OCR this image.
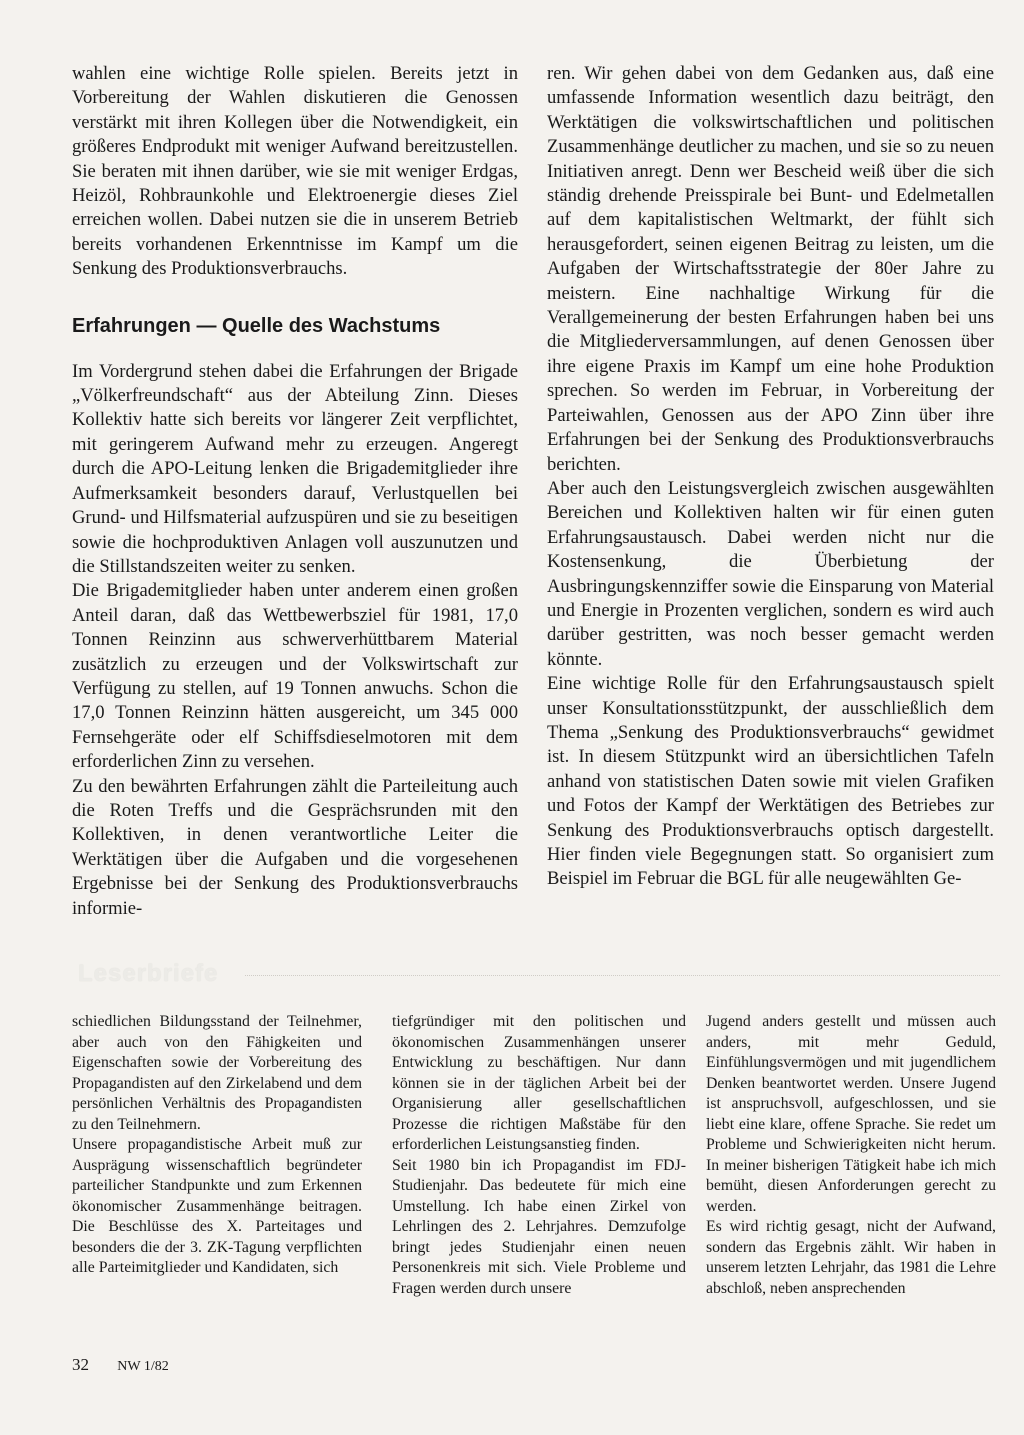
wahlen eine wichtige Rolle spielen. Bereits jetzt in Vorbereitung der Wahlen diskutieren die Genossen verstärkt mit ihren Kollegen über die Notwendigkeit, ein größeres Endprodukt mit weniger Aufwand bereitzustellen. Sie beraten mit ihnen darüber, wie sie mit weniger Erdgas, Heizöl, Rohbraunkohle und Elektroenergie dieses Ziel erreichen wollen. Dabei nutzen sie die in unserem Betrieb bereits vorhandenen Erkenntnisse im Kampf um die Senkung des Produktionsverbrauchs.

Erfahrungen — Quelle des Wachstums

Im Vordergrund stehen dabei die Erfahrungen der Brigade „Völkerfreundschaft“ aus der Abteilung Zinn. Dieses Kollektiv hatte sich bereits vor längerer Zeit verpflichtet, mit geringerem Aufwand mehr zu erzeugen. Angeregt durch die APO-Leitung lenken die Brigademitglieder ihre Aufmerksamkeit besonders darauf, Verlustquellen bei Grund- und Hilfsmaterial aufzuspüren und sie zu beseitigen sowie die hochproduktiven Anlagen voll auszunutzen und die Stillstandszeiten weiter zu senken.

Die Brigademitglieder haben unter anderem einen großen Anteil daran, daß das Wettbewerbsziel für 1981, 17,0 Tonnen Reinzinn aus schwerverhüttbarem Material zusätzlich zu erzeugen und der Volkswirtschaft zur Verfügung zu stellen, auf 19 Tonnen anwuchs. Schon die 17,0 Tonnen Reinzinn hätten ausgereicht, um 345 000 Fernsehgeräte oder elf Schiffsdieselmotoren mit dem erforderlichen Zinn zu versehen.

Zu den bewährten Erfahrungen zählt die Parteileitung auch die Roten Treffs und die Gesprächsrunden mit den Kollektiven, in denen verantwortliche Leiter die Werktätigen über die Aufgaben und die vorgesehenen Ergebnisse bei der Senkung des Produktionsverbrauchs informie-

ren. Wir gehen dabei von dem Gedanken aus, daß eine umfassende Information wesentlich dazu beiträgt, den Werktätigen die volkswirtschaftlichen und politischen Zusammenhänge deutlicher zu machen, und sie so zu neuen Initiativen anregt. Denn wer Bescheid weiß über die sich ständig drehende Preisspirale bei Bunt- und Edelmetallen auf dem kapitalistischen Weltmarkt, der fühlt sich herausgefordert, seinen eigenen Beitrag zu leisten, um die Aufgaben der Wirtschaftsstrategie der 80er Jahre zu meistern. Eine nachhaltige Wirkung für die Verallgemeinerung der besten Erfahrungen haben bei uns die Mitgliederversammlungen, auf denen Genossen über ihre eigene Praxis im Kampf um eine hohe Produktion sprechen. So werden im Februar, in Vorbereitung der Parteiwahlen, Genossen aus der APO Zinn über ihre Erfahrungen bei der Senkung des Produktionsverbrauchs berichten.

Aber auch den Leistungsvergleich zwischen ausgewählten Bereichen und Kollektiven halten wir für einen guten Erfahrungsaustausch. Dabei werden nicht nur die Kostensenkung, die Überbietung der Ausbringungskennziffer sowie die Einsparung von Material und Energie in Prozenten verglichen, sondern es wird auch darüber gestritten, was noch besser gemacht werden könnte.

Eine wichtige Rolle für den Erfahrungsaustausch spielt unser Konsultationsstützpunkt, der ausschließlich dem Thema „Senkung des Produktionsverbrauchs“ gewidmet ist. In diesem Stützpunkt wird an übersichtlichen Tafeln anhand von statistischen Daten sowie mit vielen Grafiken und Fotos der Kampf der Werktätigen des Betriebes zur Senkung des Produktionsverbrauchs optisch dargestellt. Hier finden viele Begegnungen statt. So organisiert zum Beispiel im Februar die BGL für alle neugewählten Ge-

Leserbriefe

schiedlichen Bildungsstand der Teilnehmer, aber auch von den Fähigkeiten und Eigenschaften sowie der Vorbereitung des Propagandisten auf den Zirkelabend und dem persönlichen Verhältnis des Propagandisten zu den Teilnehmern.

Unsere propagandistische Arbeit muß zur Ausprägung wissenschaftlich begründeter parteilicher Standpunkte und zum Erkennen ökonomischer Zusammenhänge beitragen. Die Beschlüsse des X. Parteitages und besonders die der 3. ZK-Tagung verpflichten alle Parteimitglieder und Kandidaten, sich

tiefgründiger mit den politischen und ökonomischen Zusammenhängen unserer Entwicklung zu beschäftigen. Nur dann können sie in der täglichen Arbeit bei der Organisierung aller gesellschaftlichen Prozesse die richtigen Maßstäbe für den erforderlichen Leistungsanstieg finden.

Seit 1980 bin ich Propagandist im FDJ-Studienjahr. Das bedeutete für mich eine Umstellung. Ich habe einen Zirkel von Lehrlingen des 2. Lehrjahres. Demzufolge bringt jedes Studienjahr einen neuen Personenkreis mit sich. Viele Probleme und Fragen werden durch unsere

Jugend anders gestellt und müssen auch anders, mit mehr Geduld, Einfühlungsvermögen und mit jugendlichem Denken beantwortet werden. Unsere Jugend ist anspruchsvoll, aufgeschlossen, und sie liebt eine klare, offene Sprache. Sie redet um Probleme und Schwierigkeiten nicht herum. In meiner bisherigen Tätigkeit habe ich mich bemüht, diesen Anforderungen gerecht zu werden.

Es wird richtig gesagt, nicht der Aufwand, sondern das Ergebnis zählt. Wir haben in unserem letzten Lehrjahr, das 1981 die Lehre abschloß, neben ansprechenden

32 NW 1/82
